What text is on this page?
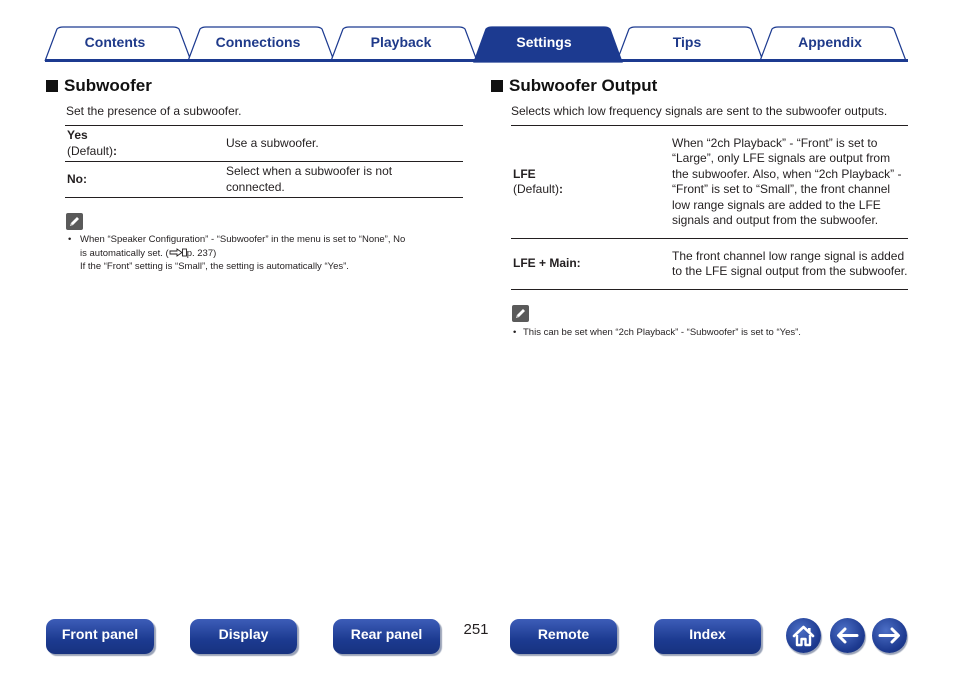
Contents	Connections	Playback	Settings	Tips	Appendix
Subwoofer
Set the presence of a subwoofer.
Yes
(Default):	Use a subwoofer.
No:	Select when a subwoofer is not connected.
• When “Speaker Configuration” - “Subwoofer” in the menu is set to “None”, No
is automatically set. ( p. 237)
If the “Front” setting is “Small”, the setting is automatically “Yes”.
Subwoofer Output
Selects which low frequency signals are sent to the subwoofer outputs.
LFE
(Default):	When “2ch Playback” - “Front” is set to “Large”, only LFE signals are output from the subwoofer. Also, when “2ch Playback” - “Front” is set to “Small”, the front channel low range signals are added to the LFE signals and output from the subwoofer.
LFE + Main:	The front channel low range signal is added to the LFE signal output from the subwoofer.
• This can be set when “2ch Playback” - “Subwoofer” is set to “Yes”.
Front panel	Display	Rear panel	251	Remote	Index
